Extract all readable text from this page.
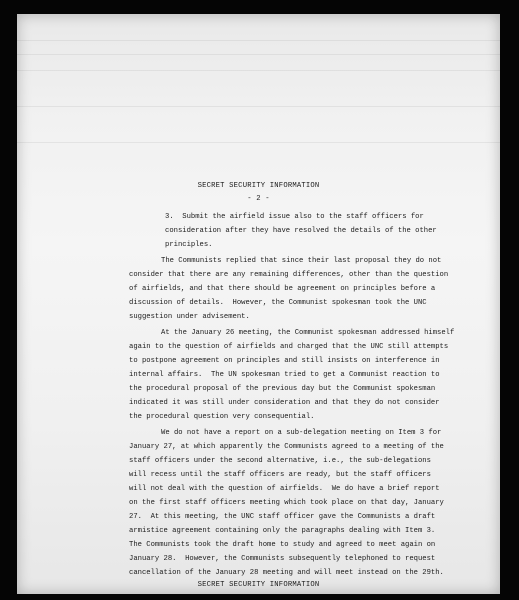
SECRET SECURITY INFORMATION
- 2 -
3.  Submit the airfield issue also to the staff officers for
consideration after they have resolved the details of the other
principles.
The Communists replied that since their last proposal they do not
consider that there are any remaining differences, other than the question
of airfields, and that there should be agreement on principles before a
discussion of details.  However, the Communist spokesman took the UNC
suggestion under advisement.
At the January 26 meeting, the Communist spokesman addressed himself
again to the question of airfields and charged that the UNC still attempts
to postpone agreement on principles and still insists on interference in
internal affairs.  The UN spokesman tried to get a Communist reaction to
the procedural proposal of the previous day but the Communist spokesman
indicated it was still under consideration and that they do not consider
the procedural question very consequential.
We do not have a report on a sub-delegation meeting on Item 3 for
January 27, at which apparently the Communists agreed to a meeting of the
staff officers under the second alternative, i.e., the sub-delegations
will recess until the staff officers are ready, but the staff officers
will not deal with the question of airfields.  We do have a brief report
on the first staff officers meeting which took place on that day, January
27.  At this meeting, the UNC staff officer gave the Communists a draft
armistice agreement containing only the paragraphs dealing with Item 3.
The Communists took the draft home to study and agreed to meet again on
January 28.  However, the Communists subsequently telephoned to request
cancellation of the January 28 meeting and will meet instead on the 29th.
SECRET SECURITY INFORMATION
